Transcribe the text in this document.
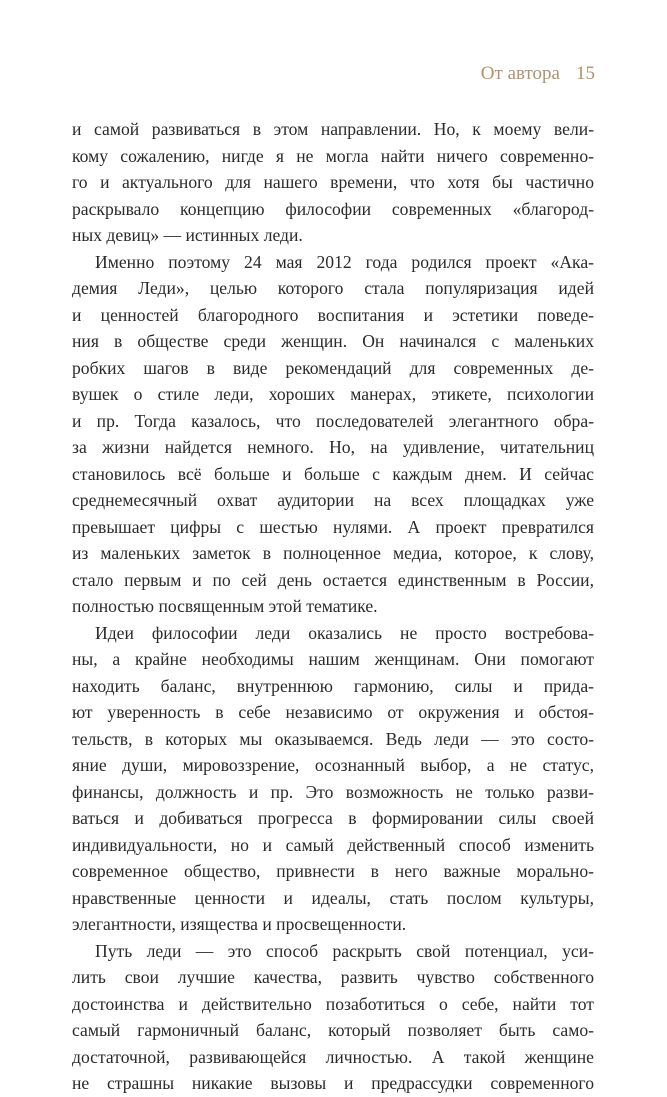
От автора 15
и самой развиваться в этом направлении. Но, к моему вели-
кому сожалению, нигде я не могла найти ничего современно-
го и актуального для нашего времени, что хотя бы частично
раскрывало концепцию философии современных «благород-
ных девиц» — истинных леди.
Именно поэтому 24 мая 2012 года родился проект «Ака-
демия Леди», целью которого стала популяризация идей
и ценностей благородного воспитания и эстетики поведе-
ния в обществе среди женщин. Он начинался с маленьких
робких шагов в виде рекомендаций для современных де-
вушек о стиле леди, хороших манерах, этикете, психологии
и пр. Тогда казалось, что последователей элегантного обра-
за жизни найдется немного. Но, на удивление, читательниц
становилось всё больше и больше с каждым днем. И сейчас
среднемесячный охват аудитории на всех площадках уже
превышает цифры с шестью нулями. А проект превратился
из маленьких заметок в полноценное медиа, которое, к слову,
стало первым и по сей день остается единственным в России,
полностью посвященным этой тематике.
Идеи философии леди оказались не просто востребова-
ны, а крайне необходимы нашим женщинам. Они помогают
находить баланс, внутреннюю гармонию, силы и прида-
ют уверенность в себе независимо от окружения и обстоя-
тельств, в которых мы оказываемся. Ведь леди — это состо-
яние души, мировоззрение, осознанный выбор, а не статус,
финансы, должность и пр. Это возможность не только разви-
ваться и добиваться прогресса в формировании силы своей
индивидуальности, но и самый действенный способ изменить
современное общество, привнести в него важные морально-
нравственные ценности и идеалы, стать послом культуры,
элегантности, изящества и просвещенности.
Путь леди — это способ раскрыть свой потенциал, уси-
лить свои лучшие качества, развить чувство собственного
достоинства и действительно позаботиться о себе, найти тот
самый гармоничный баланс, который позволяет быть само-
достаточной, развивающейся личностью. А такой женщине
не страшны никакие вызовы и предрассудки современного
